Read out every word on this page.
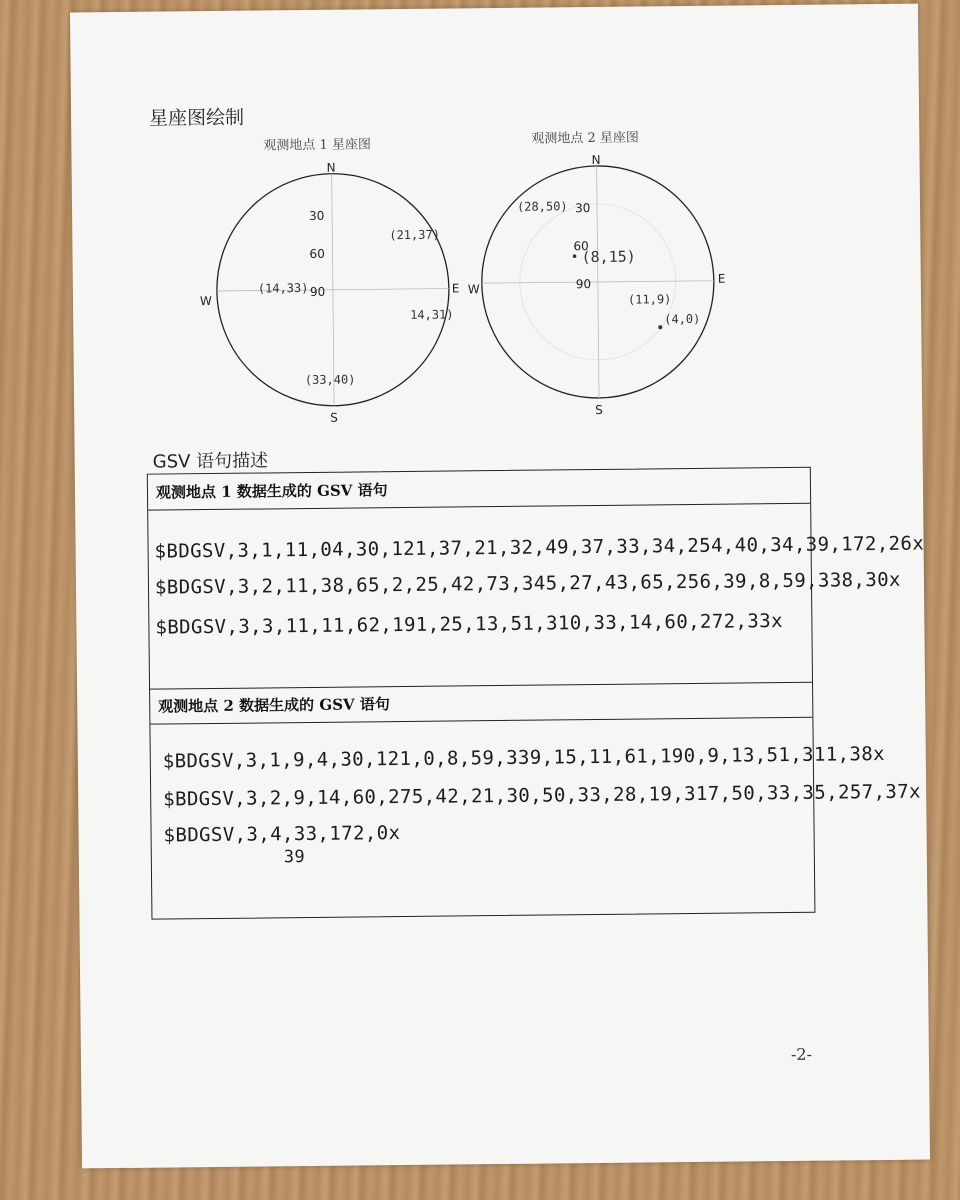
星座图绘制
观测地点 1 星座图
N
S
E
W
30
60
90
(21,37)
(14,33)
14,31)
(33,40)
观测地点 2 星座图
N
S
E
W
30
60
90
(28,50)
(8,15)
(11,9)
(4,0)
GSV 语句描述
观测地点 1 数据生成的 GSV 语句
$BDGSV,3,1,11,04,30,121,37,21,32,49,37,33,34,254,40,34,39,172,26x
$BDGSV,3,2,11,38,65,2,25,42,73,345,27,43,65,256,39,8,59,338,30x
$BDGSV,3,3,11,11,62,191,25,13,51,310,33,14,60,272,33x
观测地点 2 数据生成的 GSV 语句
$BDGSV,3,1,9,4,30,121,0,8,59,339,15,11,61,190,9,13,51,311,38x
$BDGSV,3,2,9,14,60,275,42,21,30,50,33,28,19,317,50,33,35,257,37x
$BDGSV,3,4,33,172,0x
39
-2-
